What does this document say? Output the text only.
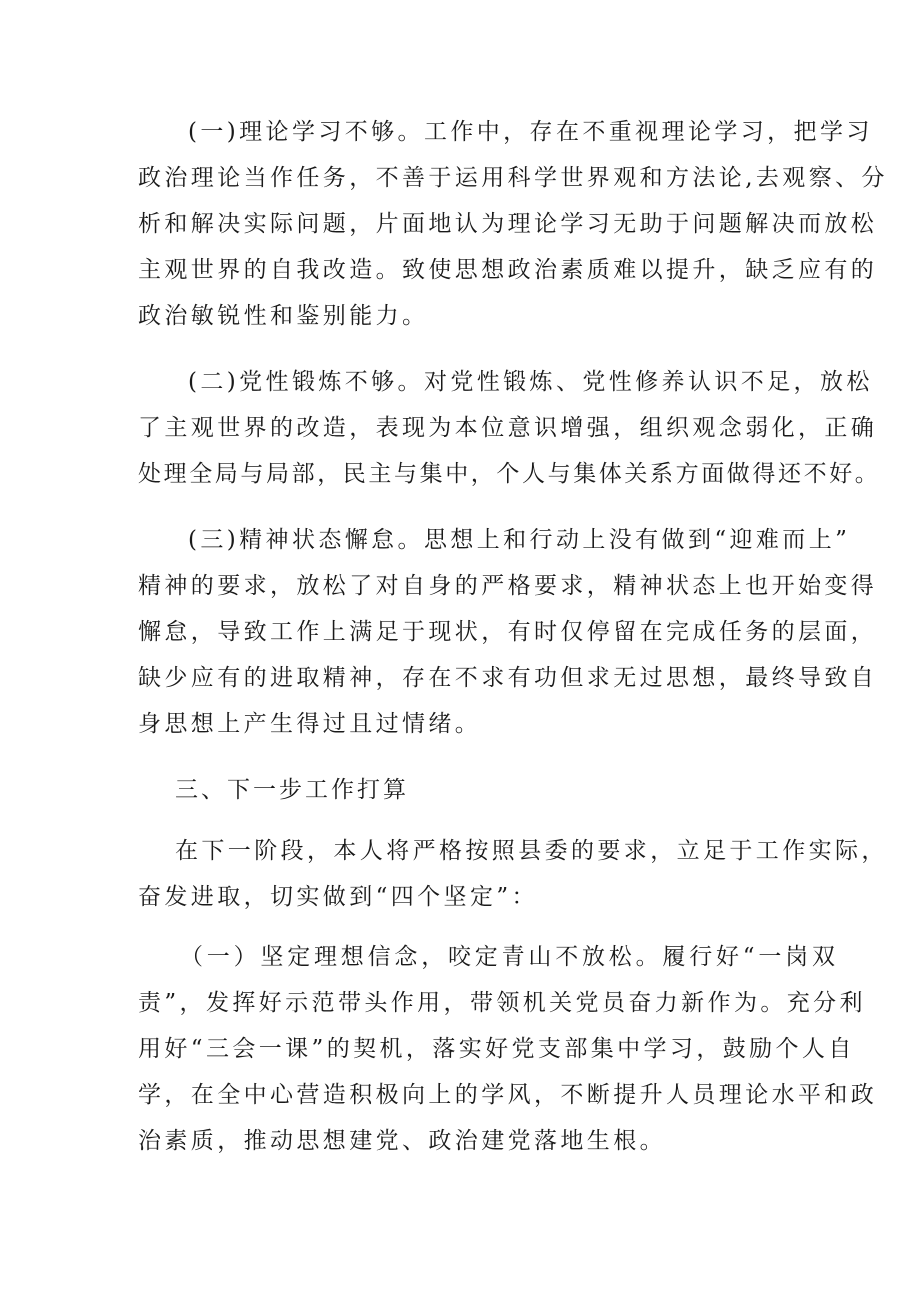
(一)理论学习不够。工作中，存在不重视理论学习，把学习
政治理论当作任务，不善于运用科学世界观和方法论,去观察、分
析和解决实际问题，片面地认为理论学习无助于问题解决而放松
主观世界的自我改造。致使思想政治素质难以提升，缺乏应有的
政治敏锐性和鉴别能力。
(二)党性锻炼不够。对党性锻炼、党性修养认识不足，放松
了主观世界的改造，表现为本位意识增强，组织观念弱化，正确
处理全局与局部，民主与集中，个人与集体关系方面做得还不好。
(三)精神状态懈怠。思想上和行动上没有做到“迎难而上”
精神的要求，放松了对自身的严格要求，精神状态上也开始变得
懈怠，导致工作上满足于现状，有时仅停留在完成任务的层面，
缺少应有的进取精神，存在不求有功但求无过思想，最终导致自
身思想上产生得过且过情绪。
三、下一步工作打算
在下一阶段，本人将严格按照县委的要求，立足于工作实际，
奋发进取，切实做到“四个坚定”：
（一）坚定理想信念，咬定青山不放松。履行好“一岗双
责”，发挥好示范带头作用，带领机关党员奋力新作为。充分利
用好“三会一课”的契机，落实好党支部集中学习，鼓励个人自
学，在全中心营造积极向上的学风，不断提升人员理论水平和政
治素质，推动思想建党、政治建党落地生根。
